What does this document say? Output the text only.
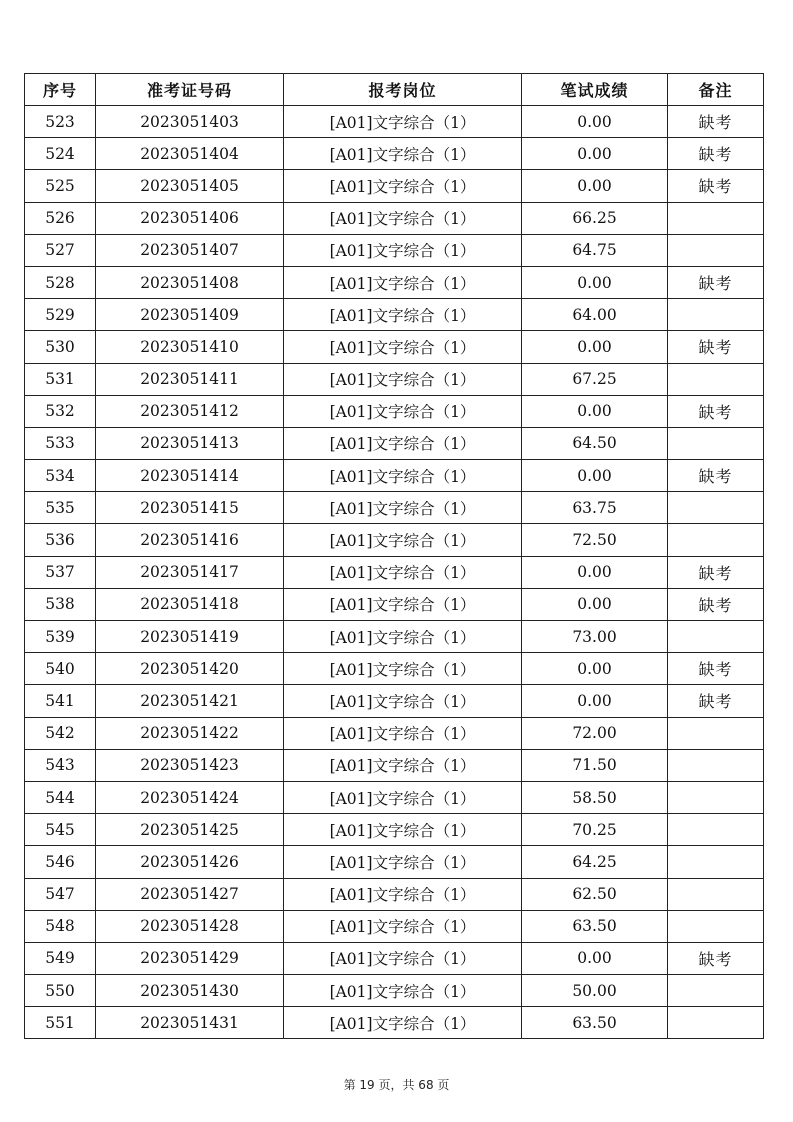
序号	准考证号码	报考岗位	笔试成绩	备注
523	2023051403	[A01]文字综合（1）	0.00	缺考
524	2023051404	[A01]文字综合（1）	0.00	缺考
525	2023051405	[A01]文字综合（1）	0.00	缺考
526	2023051406	[A01]文字综合（1）	66.25	
527	2023051407	[A01]文字综合（1）	64.75	
528	2023051408	[A01]文字综合（1）	0.00	缺考
529	2023051409	[A01]文字综合（1）	64.00	
530	2023051410	[A01]文字综合（1）	0.00	缺考
531	2023051411	[A01]文字综合（1）	67.25	
532	2023051412	[A01]文字综合（1）	0.00	缺考
533	2023051413	[A01]文字综合（1）	64.50	
534	2023051414	[A01]文字综合（1）	0.00	缺考
535	2023051415	[A01]文字综合（1）	63.75	
536	2023051416	[A01]文字综合（1）	72.50	
537	2023051417	[A01]文字综合（1）	0.00	缺考
538	2023051418	[A01]文字综合（1）	0.00	缺考
539	2023051419	[A01]文字综合（1）	73.00	
540	2023051420	[A01]文字综合（1）	0.00	缺考
541	2023051421	[A01]文字综合（1）	0.00	缺考
542	2023051422	[A01]文字综合（1）	72.00	
543	2023051423	[A01]文字综合（1）	71.50	
544	2023051424	[A01]文字综合（1）	58.50	
545	2023051425	[A01]文字综合（1）	70.25	
546	2023051426	[A01]文字综合（1）	64.25	
547	2023051427	[A01]文字综合（1）	62.50	
548	2023051428	[A01]文字综合（1）	63.50	
549	2023051429	[A01]文字综合（1）	0.00	缺考
550	2023051430	[A01]文字综合（1）	50.00	
551	2023051431	[A01]文字综合（1）	63.50	
第 19 页，共 68 页
